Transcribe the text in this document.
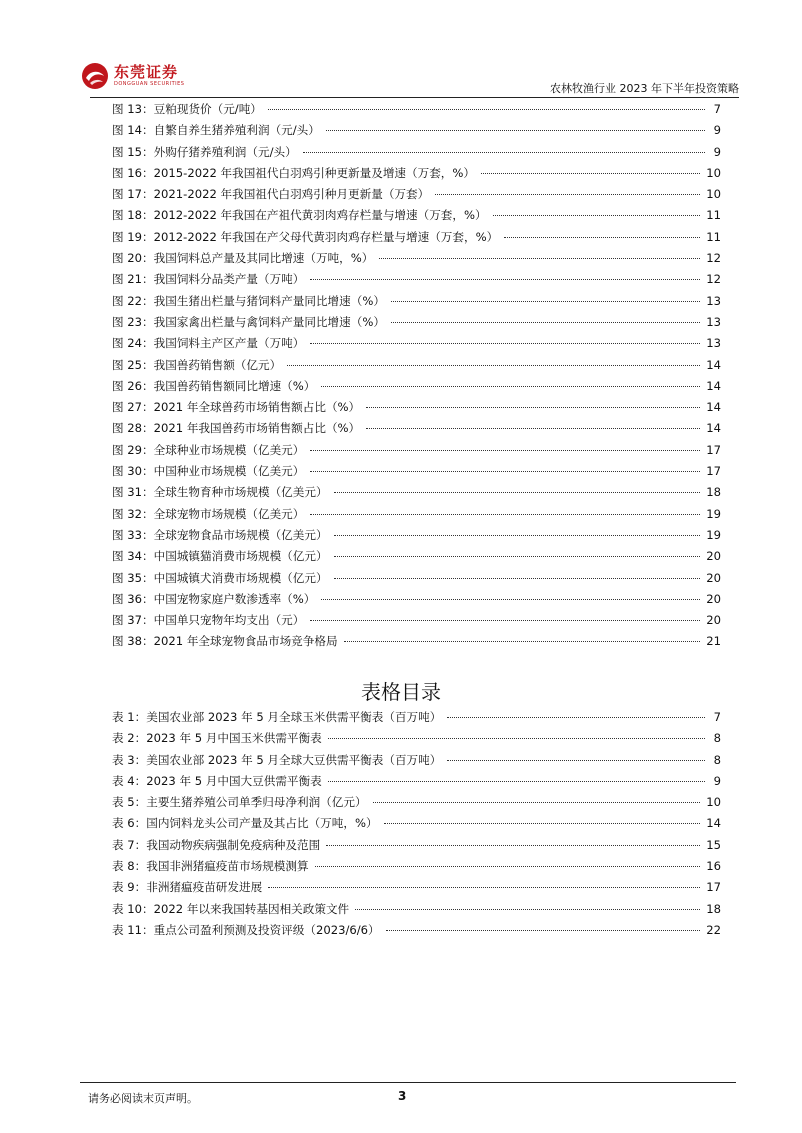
东莞证券
DONGGUAN SECURITIES	农林牧渔行业 2023 年下半年投资策略
图 13：豆粕现货价（元/吨）	7
图 14：自繁自养生猪养殖利润（元/头）	9
图 15：外购仔猪养殖利润（元/头）	9
图 16：2015-2022 年我国祖代白羽鸡引种更新量及增速（万套，%）	10
图 17：2021-2022 年我国祖代白羽鸡引种月更新量（万套）	10
图 18：2012-2022 年我国在产祖代黄羽肉鸡存栏量与增速（万套，%）	11
图 19：2012-2022 年我国在产父母代黄羽肉鸡存栏量与增速（万套，%）	11
图 20：我国饲料总产量及其同比增速（万吨，%）	12
图 21：我国饲料分品类产量（万吨）	12
图 22：我国生猪出栏量与猪饲料产量同比增速（%）	13
图 23：我国家禽出栏量与禽饲料产量同比增速（%）	13
图 24：我国饲料主产区产量（万吨）	13
图 25：我国兽药销售额（亿元）	14
图 26：我国兽药销售额同比增速（%）	14
图 27：2021 年全球兽药市场销售额占比（%）	14
图 28：2021 年我国兽药市场销售额占比（%）	14
图 29：全球种业市场规模（亿美元）	17
图 30：中国种业市场规模（亿美元）	17
图 31：全球生物育种市场规模（亿美元）	18
图 32：全球宠物市场规模（亿美元）	19
图 33：全球宠物食品市场规模（亿美元）	19
图 34：中国城镇猫消费市场规模（亿元）	20
图 35：中国城镇犬消费市场规模（亿元）	20
图 36：中国宠物家庭户数渗透率（%）	20
图 37：中国单只宠物年均支出（元）	20
图 38：2021 年全球宠物食品市场竞争格局	21
表格目录
表 1：美国农业部 2023 年 5 月全球玉米供需平衡表（百万吨）	7
表 2：2023 年 5 月中国玉米供需平衡表	8
表 3：美国农业部 2023 年 5 月全球大豆供需平衡表（百万吨）	8
表 4：2023 年 5 月中国大豆供需平衡表	9
表 5：主要生猪养殖公司单季归母净利润（亿元）	10
表 6：国内饲料龙头公司产量及其占比（万吨，%）	14
表 7：我国动物疾病强制免疫病种及范围	15
表 8：我国非洲猪瘟疫苗市场规模测算	16
表 9：非洲猪瘟疫苗研发进展	17
表 10：2022 年以来我国转基因相关政策文件	18
表 11：重点公司盈利预测及投资评级（2023/6/6）	22
请务必阅读末页声明。	3
